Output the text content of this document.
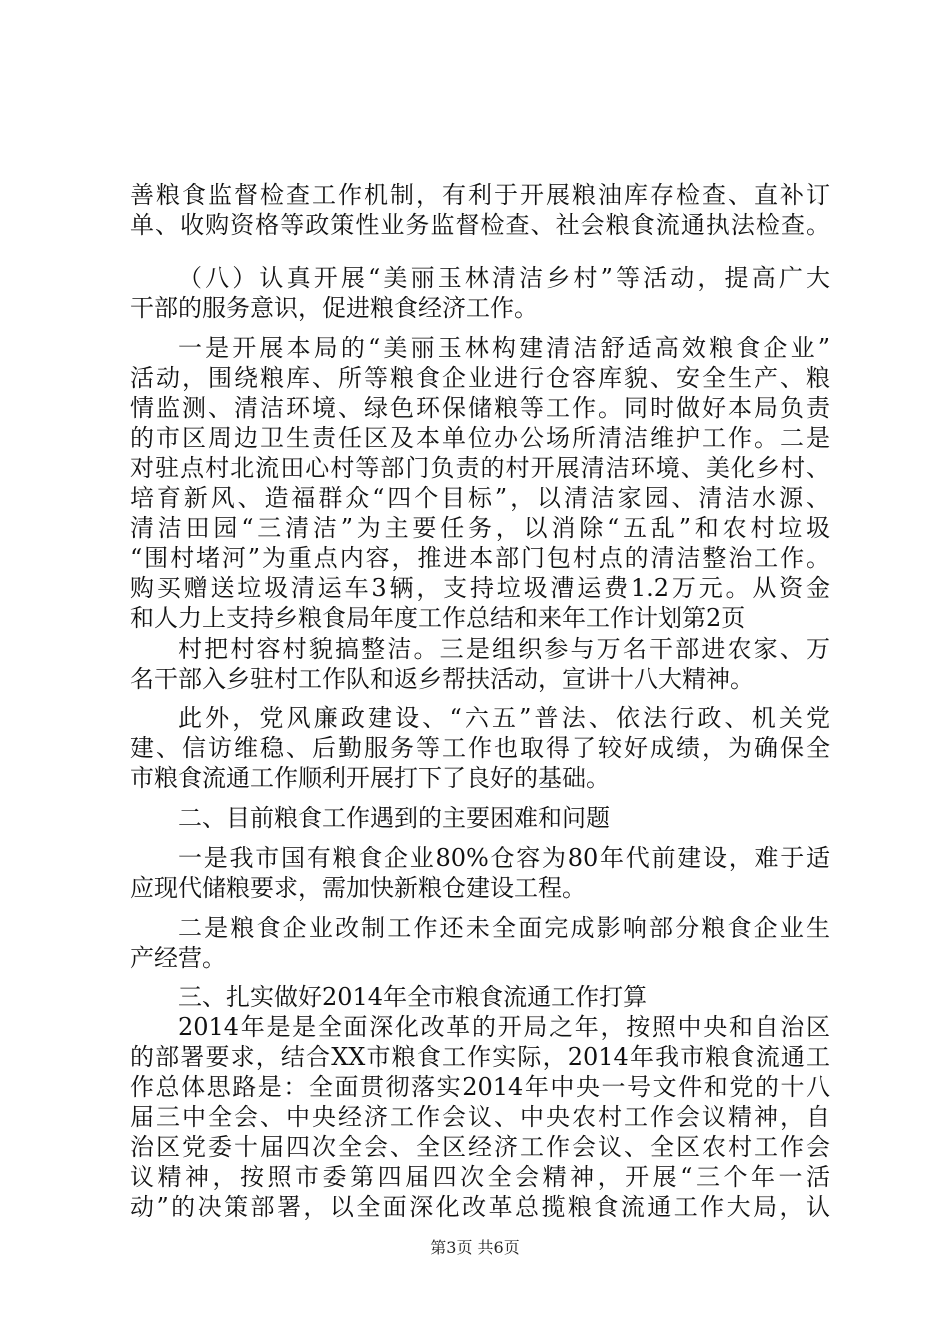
善粮食监督检查工作机制，有利于开展粮油库存检查、直补订
单、收购资格等政策性业务监督检查、社会粮食流通执法检查。
（八）认真开展“美丽玉林清洁乡村”等活动，提高广大
干部的服务意识，促进粮食经济工作。
一是开展本局的“美丽玉林构建清洁舒适高效粮食企业”
活动，围绕粮库、所等粮食企业进行仓容库貌、安全生产、粮
情监测、清洁环境、绿色环保储粮等工作。同时做好本局负责
的市区周边卫生责任区及本单位办公场所清洁维护工作。二是
对驻点村北流田心村等部门负责的村开展清洁环境、美化乡村、
培育新风、造福群众“四个目标”，以清洁家园、清洁水源、
清洁田园“三清洁”为主要任务，以消除“五乱”和农村垃圾
“围村堵河”为重点内容，推进本部门包村点的清洁整治工作。
购买赠送垃圾清运车3辆，支持垃圾漕运费1.2万元。从资金
和人力上支持乡粮食局年度工作总结和来年工作计划第2页
村把村容村貌搞整洁。三是组织参与万名干部进农家、万
名干部入乡驻村工作队和返乡帮扶活动，宣讲十八大精神。
此外，党风廉政建设、“六五”普法、依法行政、机关党
建、信访维稳、后勤服务等工作也取得了较好成绩，为确保全
市粮食流通工作顺利开展打下了良好的基础。
二、目前粮食工作遇到的主要困难和问题
一是我市国有粮食企业80%仓容为80年代前建设，难于适
应现代储粮要求，需加快新粮仓建设工程。
二是粮食企业改制工作还未全面完成影响部分粮食企业生
产经营。
三、扎实做好2014年全市粮食流通工作打算
2014年是是全面深化改革的开局之年，按照中央和自治区
的部署要求，结合XX市粮食工作实际，2014年我市粮食流通工
作总体思路是：全面贯彻落实2014年中央一号文件和党的十八
届三中全会、中央经济工作会议、中央农村工作会议精神，自
治区党委十届四次全会、全区经济工作会议、全区农村工作会
议精神，按照市委第四届四次全会精神，开展“三个年一活
动”的决策部署，以全面深化改革总揽粮食流通工作大局，认
第3页 共6页
